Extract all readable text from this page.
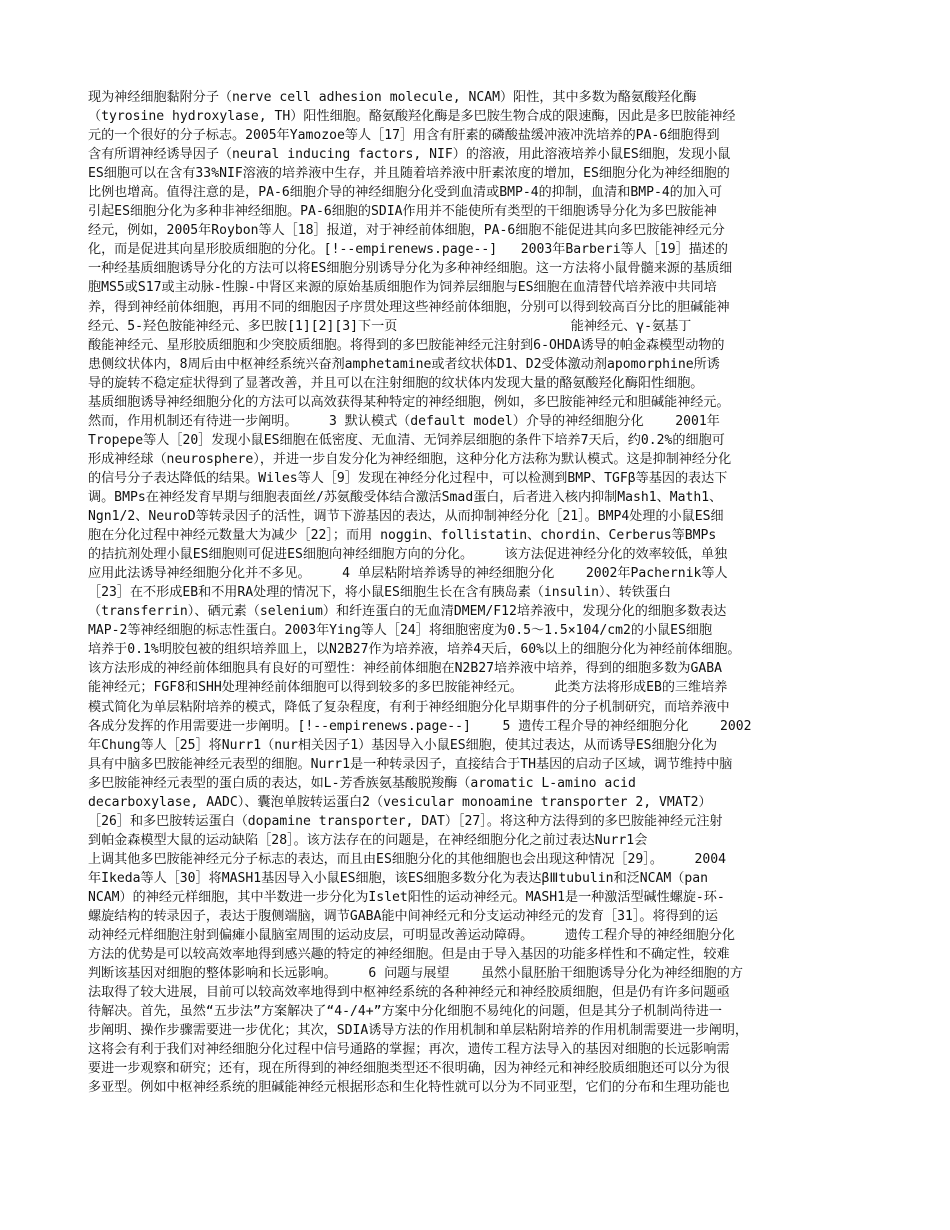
现为神经细胞黏附分子（nerve cell adhesion molecule, NCAM）阳性，其中多数为酪氨酸羟化酶
（tyrosine hydroxylase, TH）阳性细胞。酪氨酸羟化酶是多巴胺生物合成的限速酶，因此是多巴胺能神经
元的一个很好的分子标志。2005年Yamozoe等人［17］用含有肝素的磷酸盐缓冲液冲洗培养的PA-6细胞得到
含有所谓神经诱导因子（neural inducing factors, NIF）的溶液，用此溶液培养小鼠ES细胞，发现小鼠
ES细胞可以在含有33%NIF溶液的培养液中生存，并且随着培养液中肝素浓度的增加，ES细胞分化为神经细胞的
比例也增高。值得注意的是，PA-6细胞介导的神经细胞分化受到血清或BMP-4的抑制，血清和BMP-4的加入可
引起ES细胞分化为多种非神经细胞。PA-6细胞的SDIA作用并不能使所有类型的干细胞诱导分化为多巴胺能神
经元，例如，2005年Roybon等人［18］报道，对于神经前体细胞，PA-6细胞不能促进其向多巴胺能神经元分
化，而是促进其向星形胶质细胞的分化。[!--empirenews.page--]   2003年Barberi等人［19］描述的
一种经基质细胞诱导分化的方法可以将ES细胞分别诱导分化为多种神经细胞。这一方法将小鼠骨髓来源的基质细
胞MS5或S17或主动脉-性腺-中肾区来源的原始基质细胞作为饲养层细胞与ES细胞在血清替代培养液中共同培
养，得到神经前体细胞，再用不同的细胞因子序贯处理这些神经前体细胞，分别可以得到较高百分比的胆碱能神
经元、5-羟色胺能神经元、多巴胺[1][2][3]下一页                      能神经元、γ-氨基丁
酸能神经元、星形胶质细胞和少突胶质细胞。将得到的多巴胺能神经元注射到6-OHDA诱导的帕金森模型动物的
患侧纹状体内，8周后由中枢神经系统兴奋剂amphetamine或者纹状体D1、D2受体激动剂apomorphine所诱
导的旋转不稳定症状得到了显著改善，并且可以在注射细胞的纹状体内发现大量的酪氨酸羟化酶阳性细胞。
基质细胞诱导神经细胞分化的方法可以高效获得某种特定的神经细胞，例如，多巴胺能神经元和胆碱能神经元。
然而，作用机制还有待进一步阐明。    3 默认模式（default model）介导的神经细胞分化    2001年
Tropepe等人［20］发现小鼠ES细胞在低密度、无血清、无饲养层细胞的条件下培养7天后，约0.2%的细胞可
形成神经球（neurosphere），并进一步自发分化为神经细胞，这种分化方法称为默认模式。这是抑制神经分化
的信号分子表达降低的结果。Wiles等人［9］发现在神经分化过程中，可以检测到BMP、TGFβ等基因的表达下
调。BMPs在神经发育早期与细胞表面丝/苏氨酸受体结合激活Smad蛋白，后者进入核内抑制Mash1、Math1、
Ngn1/2、NeuroD等转录因子的活性，调节下游基因的表达，从而抑制神经分化［21］。BMP4处理的小鼠ES细
胞在分化过程中神经元数量大为减少［22］；而用 noggin、follistatin、chordin、Cerberus等BMPs
的拮抗剂处理小鼠ES细胞则可促进ES细胞向神经细胞方向的分化。    该方法促进神经分化的效率较低，单独
应用此法诱导神经细胞分化并不多见。    4 单层粘附培养诱导的神经细胞分化    2002年Pachernik等人
［23］在不形成EB和不用RA处理的情况下，将小鼠ES细胞生长在含有胰岛素（insulin）、转铁蛋白
（transferrin）、硒元素（selenium）和纤连蛋白的无血清DMEM/F12培养液中，发现分化的细胞多数表达
MAP-2等神经细胞的标志性蛋白。2003年Ying等人［24］将细胞密度为0.5～1.5×104/cm2的小鼠ES细胞
培养于0.1%明胶包被的组织培养皿上，以N2B27作为培养液，培养4天后，60%以上的细胞分化为神经前体细胞。
该方法形成的神经前体细胞具有良好的可塑性：神经前体细胞在N2B27培养液中培养，得到的细胞多数为GABA
能神经元；FGF8和SHH处理神经前体细胞可以得到较多的多巴胺能神经元。    此类方法将形成EB的三维培养
模式简化为单层粘附培养的模式，降低了复杂程度，有利于神经细胞分化早期事件的分子机制研究，而培养液中
各成分发挥的作用需要进一步阐明。[!--empirenews.page--]    5 遗传工程介导的神经细胞分化    2002
年Chung等人［25］将Nurr1（nur相关因子1）基因导入小鼠ES细胞，使其过表达，从而诱导ES细胞分化为
具有中脑多巴胺能神经元表型的细胞。Nurr1是一种转录因子，直接结合于TH基因的启动子区域，调节维持中脑
多巴胺能神经元表型的蛋白质的表达，如L-芳香族氨基酸脱羧酶（aromatic L-amino acid
decarboxylase, AADC）、囊泡单胺转运蛋白2（vesicular monoamine transporter 2, VMAT2）
［26］和多巴胺转运蛋白（dopamine transporter, DAT）［27］。将这种方法得到的多巴胺能神经元注射
到帕金森模型大鼠的运动缺陷［28］。该方法存在的问题是，在神经细胞分化之前过表达Nurr1会
上调其他多巴胺能神经元分子标志的表达，而且由ES细胞分化的其他细胞也会出现这种情况［29］。    2004
年Ikeda等人［30］将MASH1基因导入小鼠ES细胞，该ES细胞多数分化为表达βⅢtubulin和泛NCAM（pan
NCAM）的神经元样细胞，其中半数进一步分化为Islet阳性的运动神经元。MASH1是一种激活型碱性螺旋-环-
螺旋结构的转录因子，表达于腹侧端脑，调节GABA能中间神经元和分支运动神经元的发育［31］。将得到的运
动神经元样细胞注射到偏瘫小鼠脑室周围的运动皮层，可明显改善运动障碍。    遗传工程介导的神经细胞分化
方法的优势是可以较高效率地得到感兴趣的特定的神经细胞。但是由于导入基因的功能多样性和不确定性，较难
判断该基因对细胞的整体影响和长远影响。    6 问题与展望    虽然小鼠胚胎干细胞诱导分化为神经细胞的方
法取得了较大进展，目前可以较高效率地得到中枢神经系统的各种神经元和神经胶质细胞，但是仍有许多问题亟
待解决。首先，虽然“五步法”方案解决了“4-/4+”方案中分化细胞不易纯化的问题，但是其分子机制尚待进一
步阐明、操作步骤需要进一步优化；其次，SDIA诱导方法的作用机制和单层粘附培养的作用机制需要进一步阐明，
这将会有利于我们对神经细胞分化过程中信号通路的掌握；再次，遗传工程方法导入的基因对细胞的长远影响需
要进一步观察和研究；还有，现在所得到的神经细胞类型还不很明确，因为神经元和神经胶质细胞还可以分为很
多亚型。例如中枢神经系统的胆碱能神经元根据形态和生化特性就可以分为不同亚型，它们的分布和生理功能也
